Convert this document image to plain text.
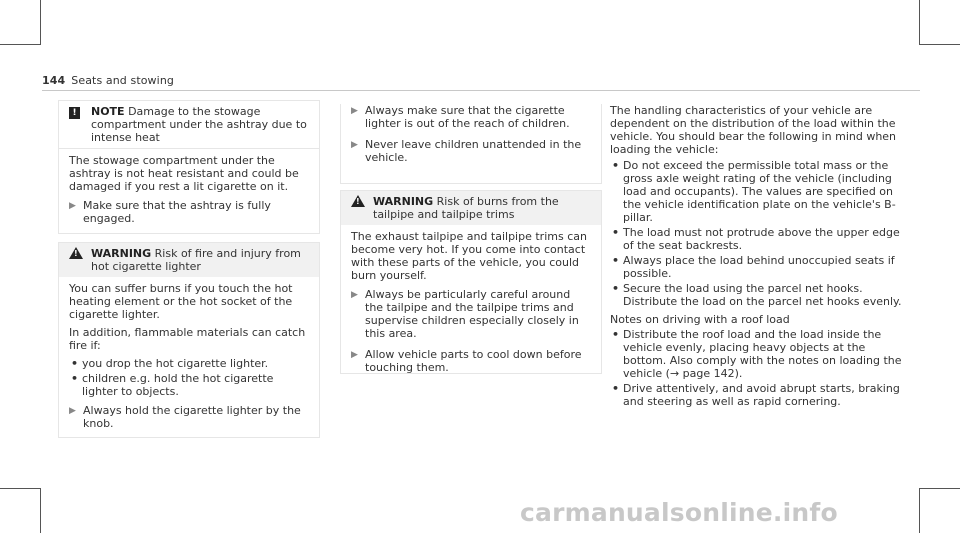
144 Seats and stowing
!	NOTE Damage to the stowage compartment under the ashtray due to intense heat

The stowage compartment under the ashtray is not heat resistant and could be damaged if you rest a lit cigarette on it.

▶ Make sure that the ashtray is fully engaged.
!
WARNING Risk of fire and injury from hot cigarette lighter

You can suffer burns if you touch the hot heating element or the hot socket of the cigarette lighter.

In addition, flammable materials can catch fire if:

• you drop the hot cigarette lighter.
• children e.g. hold the hot cigarette lighter to objects.
▶ Always hold the cigarette lighter by the knob.
▶ Always make sure that the cigarette lighter is out of the reach of children.
▶ Never leave children unattended in the vehicle.
!
WARNING Risk of burns from the tailpipe and tailpipe trims

The exhaust tailpipe and tailpipe trims can become very hot. If you come into contact with these parts of the vehicle, you could burn yourself.

▶ Always be particularly careful around the tailpipe and the tailpipe trims and supervise children especially closely in this area.
▶ Allow vehicle parts to cool down before touching them.

The handling characteristics of your vehicle are dependent on the distribution of the load within the vehicle. You should bear the following in mind when loading the vehicle:

• Do not exceed the permissible total mass or the gross axle weight rating of the vehicle (including load and occupants). The values are specified on the vehicle identification plate on the vehicle's B-pillar.
• The load must not protrude above the upper edge of the seat backrests.
• Always place the load behind unoccupied seats if possible.
• Secure the load using the parcel net hooks. Distribute the load on the parcel net hooks evenly.

Notes on driving with a roof load

• Distribute the roof load and the load inside the vehicle evenly, placing heavy objects at the bottom. Also comply with the notes on loading the vehicle (→ page 142).
• Drive attentively, and avoid abrupt starts, braking and steering as well as rapid cornering.
carmanualsonline.info
